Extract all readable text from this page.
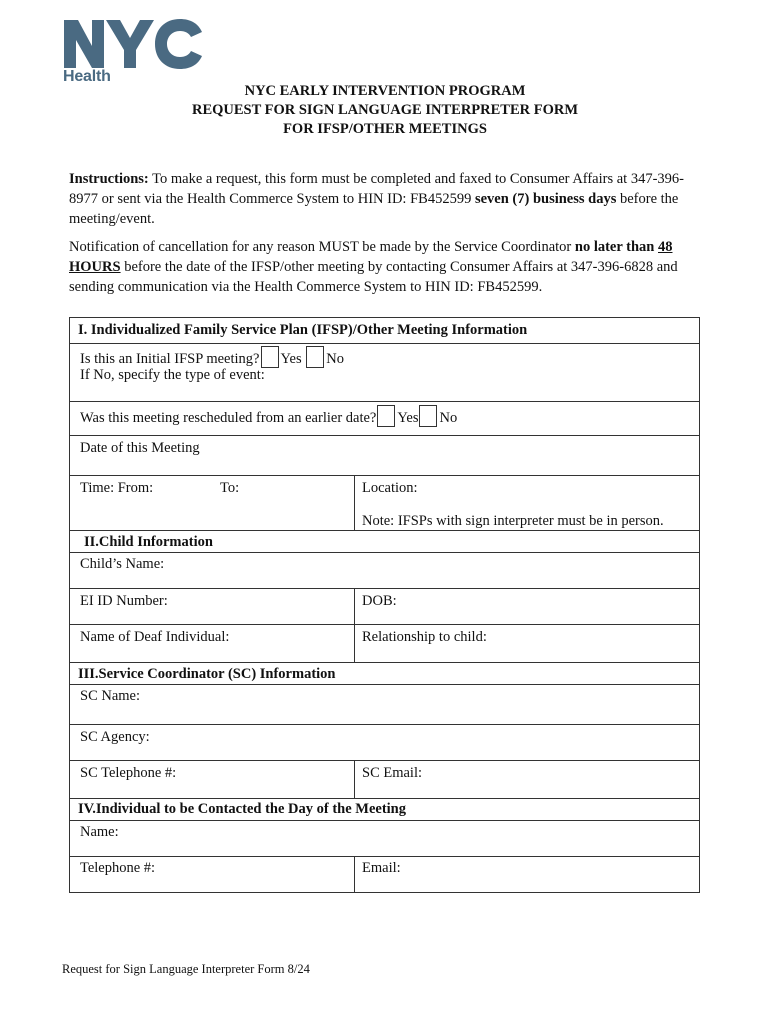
Health
NYC EARLY INTERVENTION PROGRAM
REQUEST FOR SIGN LANGUAGE INTERPRETER FORM
FOR IFSP/OTHER MEETINGS
Instructions: To make a request, this form must be completed and faxed to Consumer Affairs at 347-396-8977 or sent via the Health Commerce System to HIN ID: FB452599 seven (7) business days before the meeting/event.
Notification of cancellation for any reason MUST be made by the Service Coordinator no later than 48 HOURS before the date of the IFSP/other meeting by contacting Consumer Affairs at 347-396-6828 and sending communication via the Health Commerce System to HIN ID: FB452599.
I. Individualized Family Service Plan (IFSP)/Other Meeting Information
Is this an Initial IFSP meeting? Yes No
If No, specify the type of event:
Was this meeting rescheduled from an earlier date? Yes No
Date of this Meeting
Time: From:	To:	Location:
Note: IFSPs with sign interpreter must be in person.
II.Child Information
Child’s Name:
EI ID Number:	DOB:
Name of Deaf Individual:	Relationship to child:
III.Service Coordinator (SC) Information
SC Name:
SC Agency:
SC Telephone #:	SC Email:
IV.Individual to be Contacted the Day of the Meeting
Name:
Telephone #:	Email:
Request for Sign Language Interpreter Form 8/24
